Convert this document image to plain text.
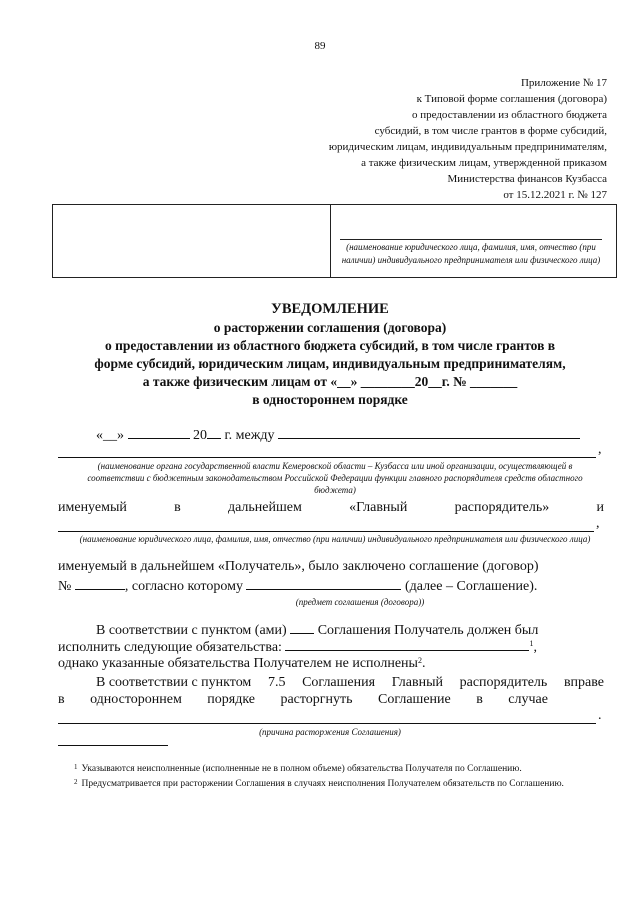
89
Приложение № 17
к Типовой форме соглашения (договора)
о предоставлении из областного бюджета
субсидий, в том числе грантов в форме субсидий,
юридическим лицам, индивидуальным предпринимателям,
а также физическим лицам, утвержденной приказом
Министерства финансов Кузбасса
от 15.12.2021 г. № 127
(наименование юридического лица, фамилия, имя, отчество (при наличии) индивидуального предпринимателя или физического лица)
УВЕДОМЛЕНИЕ
о расторжении соглашения (договора)
о предоставлении из областного бюджета субсидий, в том числе грантов в
форме субсидий, юридическим лицам, индивидуальным предпринимателям,
а также физическим лицам от «__» ________20__г. № _______
в одностороннем порядке
«__»	20 г. между
,
(наименование органа государственной власти Кемеровской области – Кузбасса или иной организации, осуществляющей в соответствии с бюджетным законодательством Российской Федерации функции главного распорядителя средств областного бюджета)
именуемый	в	дальнейшем	«Главный	распорядитель»	и
,
(наименование юридического лица, фамилия, имя, отчество (при наличии) индивидуального предпринимателя или физического лица)
именуемый в дальнейшем «Получатель», было заключено соглашение (договор)
№	, согласно которому	(далее – Соглашение).
(предмет соглашения (договора))
В соответствии с пунктом (ами) Соглашения Получатель должен был
исполнить следующие обязательства:	$^1$,
однако указанные обязательства Получателем не исполнены$^2$.
В соответствии с пунктом 7.5 Соглашения Главный распорядитель вправе
в одностороннем порядке расторгнуть Соглашение в случае
.
(причина расторжения Соглашения)
$^1$ Указываются неисполненные (исполненные не в полном объеме) обязательства Получателя по Соглашению.
$^2$ Предусматривается при расторжении Соглашения в случаях неисполнения Получателем обязательств по Соглашению.
